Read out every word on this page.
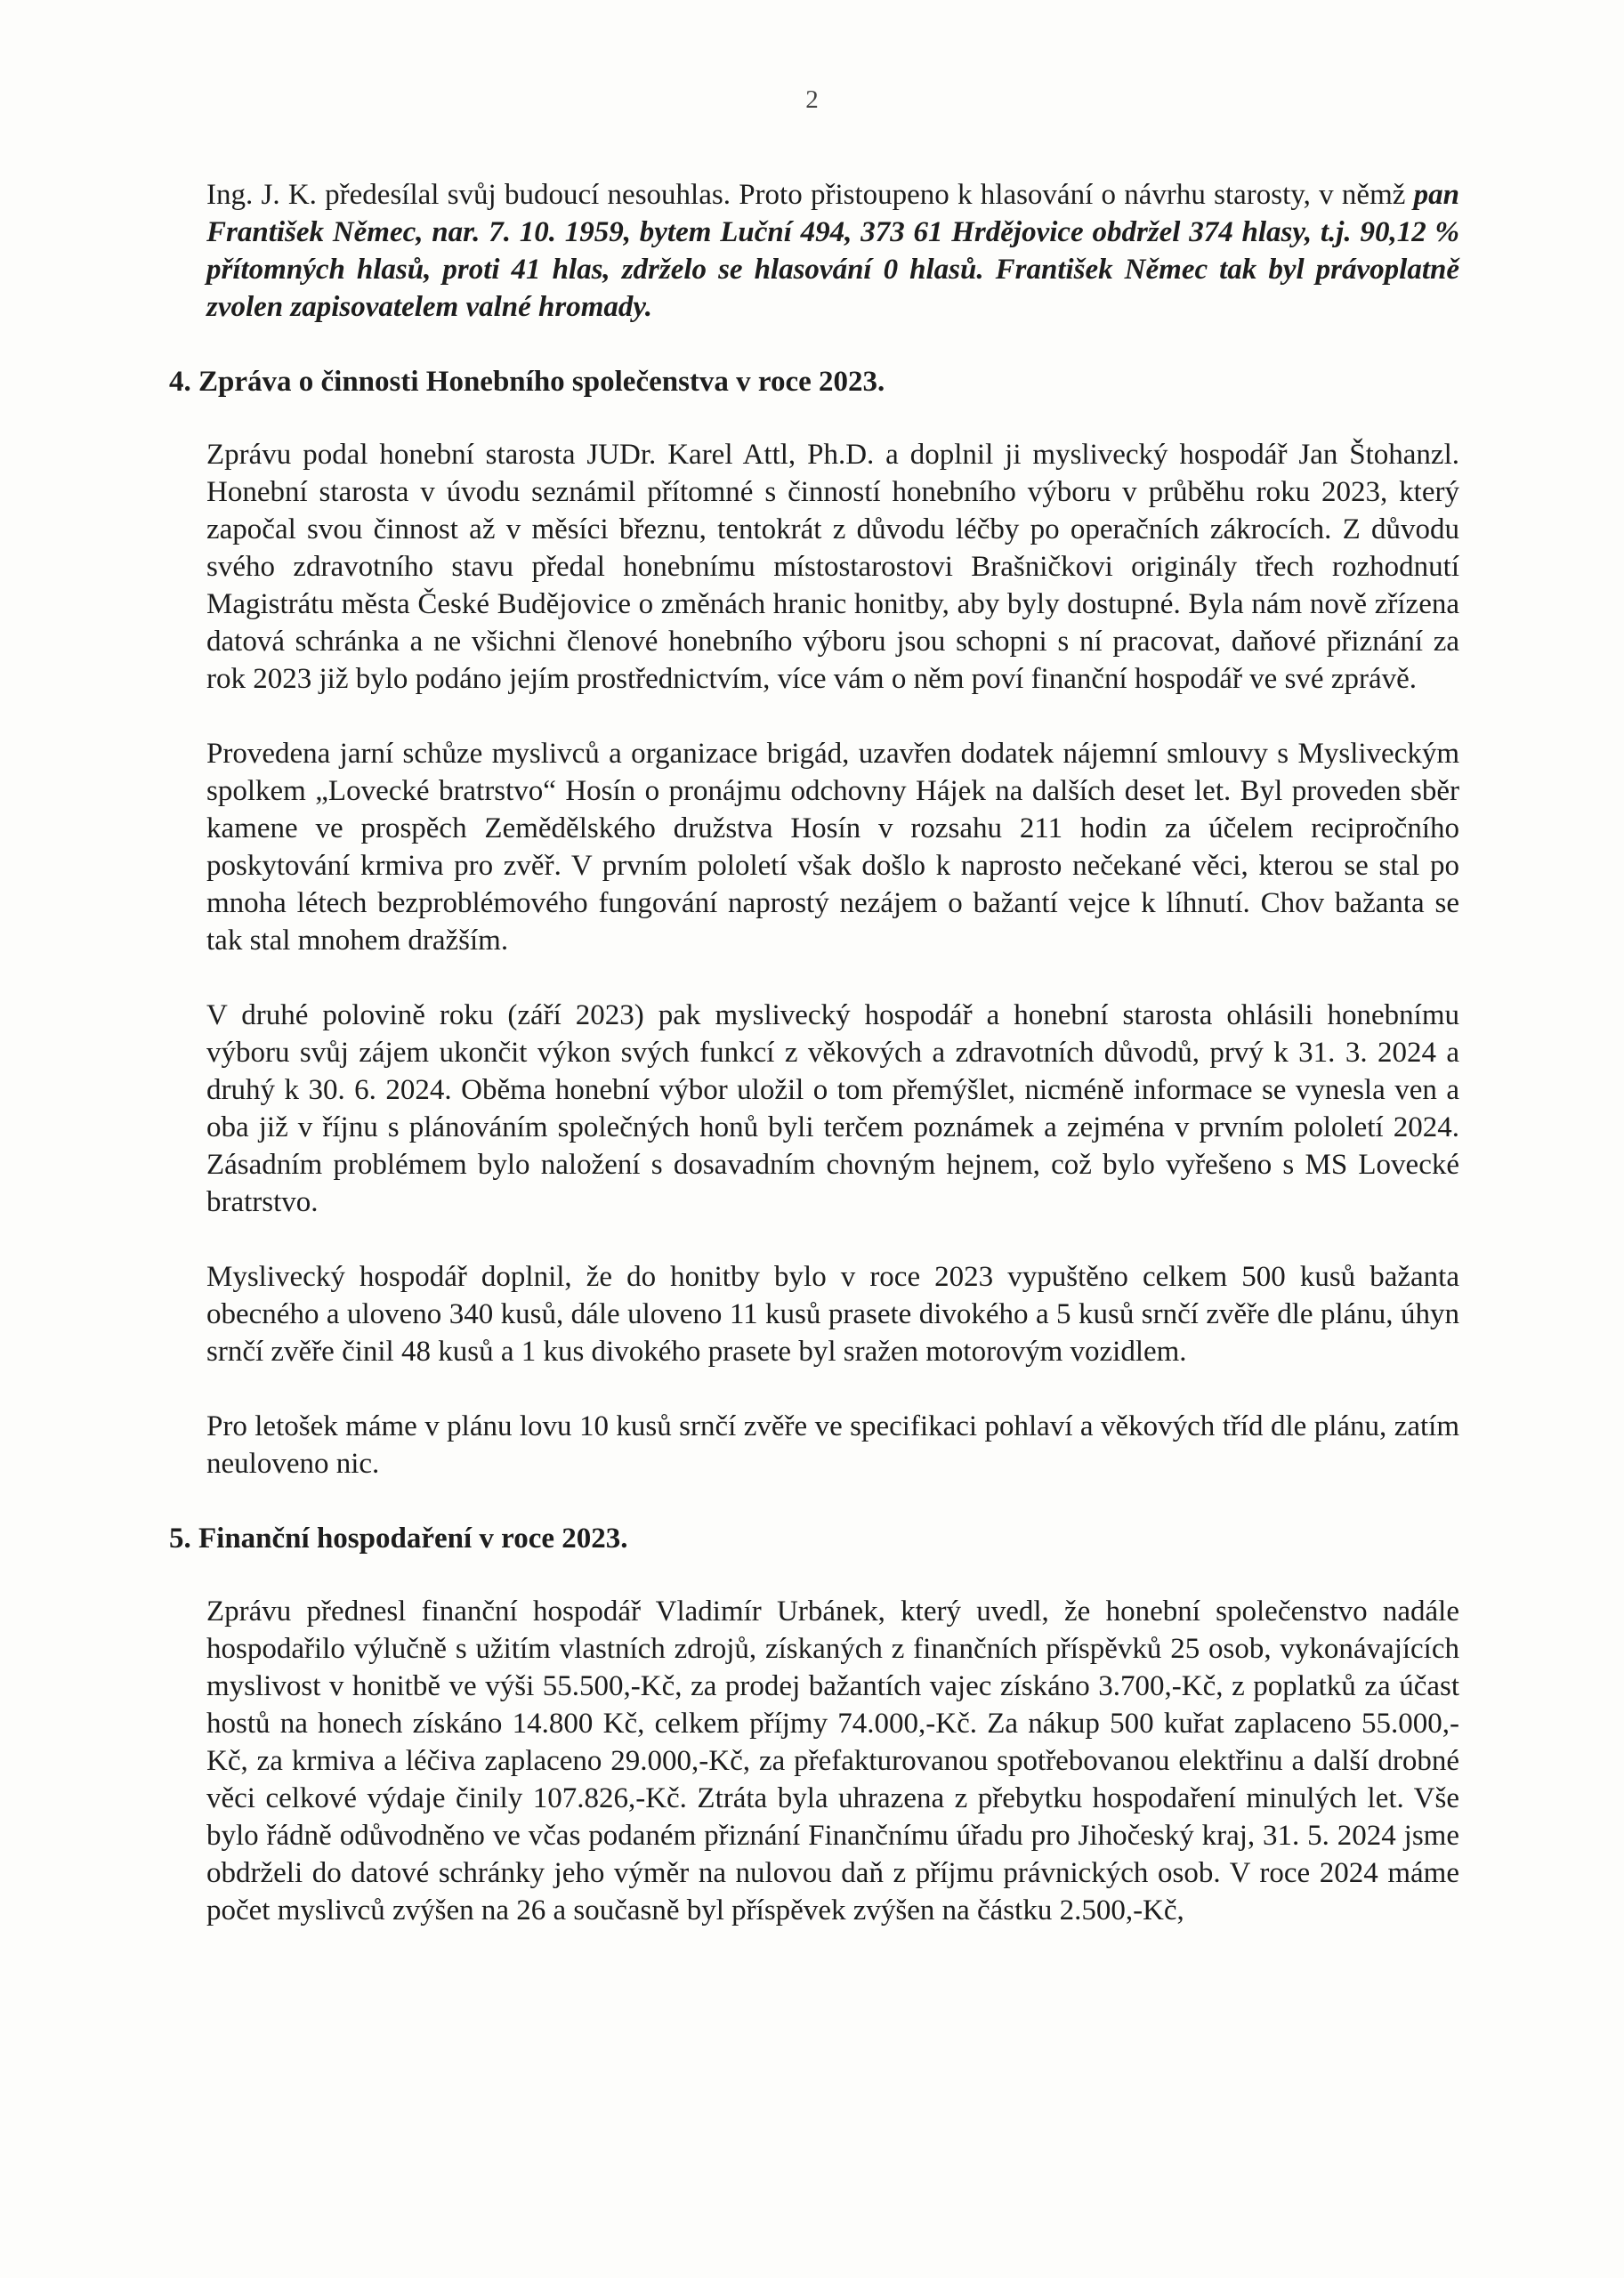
2
Ing. J. K. předesílal svůj budoucí nesouhlas. Proto přistoupeno k hlasování o návrhu starosty, v němž pan František Němec, nar. 7. 10. 1959, bytem Luční 494, 373 61 Hrdějovice obdržel 374 hlasy, t.j. 90,12 % přítomných hlasů, proti 41 hlas, zdrželo se hlasování 0 hlasů. František Němec tak byl právoplatně zvolen zapisovatelem valné hromady.
4. Zpráva o činnosti Honebního společenstva v roce 2023.

Zprávu podal honební starosta JUDr. Karel Attl, Ph.D. a doplnil ji myslivecký hospodář Jan Štohanzl. Honební starosta v úvodu seznámil přítomné s činností honebního výboru v průběhu roku 2023, který započal svou činnost až v měsíci březnu, tentokrát z důvodu léčby po operačních zákrocích. Z důvodu svého zdravotního stavu předal honebnímu místostarostovi Brašničkovi originály třech rozhodnutí Magistrátu města České Budějovice o změnách hranic honitby, aby byly dostupné. Byla nám nově zřízena datová schránka a ne všichni členové honebního výboru jsou schopni s ní pracovat, daňové přiznání za rok 2023 již bylo podáno jejím prostřednictvím, více vám o něm poví finanční hospodář ve své zprávě.

Provedena jarní schůze myslivců a organizace brigád, uzavřen dodatek nájemní smlouvy s Mysliveckým spolkem „Lovecké bratrstvo“ Hosín o pronájmu odchovny Hájek na dalších deset let. Byl proveden sběr kamene ve prospěch Zemědělského družstva Hosín v rozsahu 211 hodin za účelem recipročního poskytování krmiva pro zvěř. V prvním pololetí však došlo k naprosto nečekané věci, kterou se stal po mnoha létech bezproblémového fungování naprostý nezájem o bažantí vejce k líhnutí. Chov bažanta se tak stal mnohem dražším.

V druhé polovině roku (září 2023) pak myslivecký hospodář a honební starosta ohlásili honebnímu výboru svůj zájem ukončit výkon svých funkcí z věkových a zdravotních důvodů, prvý k 31. 3. 2024 a druhý k 30. 6. 2024. Oběma honební výbor uložil o tom přemýšlet, nicméně informace se vynesla ven a oba již v říjnu s plánováním společných honů byli terčem poznámek a zejména v prvním pololetí 2024. Zásadním problémem bylo naložení s dosavadním chovným hejnem, což bylo vyřešeno s MS Lovecké bratrstvo.

Myslivecký hospodář doplnil, že do honitby bylo v roce 2023 vypuštěno celkem 500 kusů bažanta obecného a uloveno 340 kusů, dále uloveno 11 kusů prasete divokého a 5 kusů srnčí zvěře dle plánu, úhyn srnčí zvěře činil 48 kusů a 1 kus divokého prasete byl sražen motorovým vozidlem.

Pro letošek máme v plánu lovu 10 kusů srnčí zvěře ve specifikaci pohlaví a věkových tříd dle plánu, zatím neuloveno nic.

5. Finanční hospodaření v roce 2023.

Zprávu přednesl finanční hospodář Vladimír Urbánek, který uvedl, že honební společenstvo nadále hospodařilo výlučně s užitím vlastních zdrojů, získaných z finančních příspěvků 25 osob, vykonávajících myslivost v honitbě ve výši 55.500,-Kč, za prodej bažantích vajec získáno 3.700,-Kč, z poplatků za účast hostů na honech získáno 14.800 Kč, celkem příjmy 74.000,-Kč. Za nákup 500 kuřat zaplaceno 55.000,-Kč, za krmiva a léčiva zaplaceno 29.000,-Kč, za přefakturovanou spotřebovanou elektřinu a další drobné věci celkové výdaje činily 107.826,-Kč. Ztráta byla uhrazena z přebytku hospodaření minulých let. Vše bylo řádně odůvodněno ve včas podaném přiznání Finančnímu úřadu pro Jihočeský kraj, 31. 5. 2024 jsme obdrželi do datové schránky jeho výměr na nulovou daň z příjmu právnických osob. V roce 2024 máme počet myslivců zvýšen na 26 a současně byl příspěvek zvýšen na částku 2.500,-Kč,
